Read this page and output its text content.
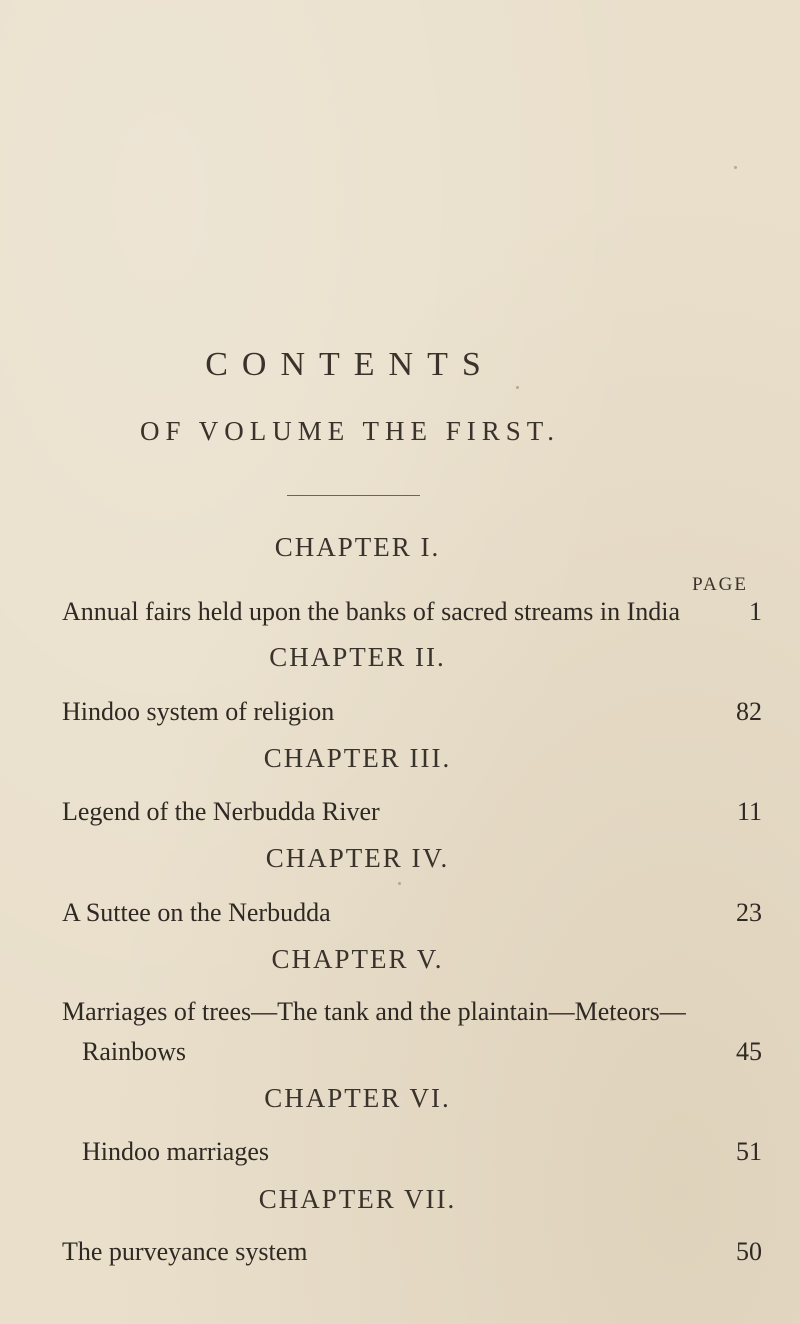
CONTENTS
OF VOLUME THE FIRST.
CHAPTER I.
PAGE
Annual fairs held upon the banks of sacred streams in India	1
CHAPTER II.
Hindoo system of religion	82
CHAPTER III.
Legend of the Nerbudda River	11
CHAPTER IV.
A Suttee on the Nerbudda	23
CHAPTER V.
Marriages of trees—The tank and the plaintain—Meteors—
Rainbows	45
CHAPTER VI.
Hindoo marriages	51
CHAPTER VII.
The purveyance system	50
